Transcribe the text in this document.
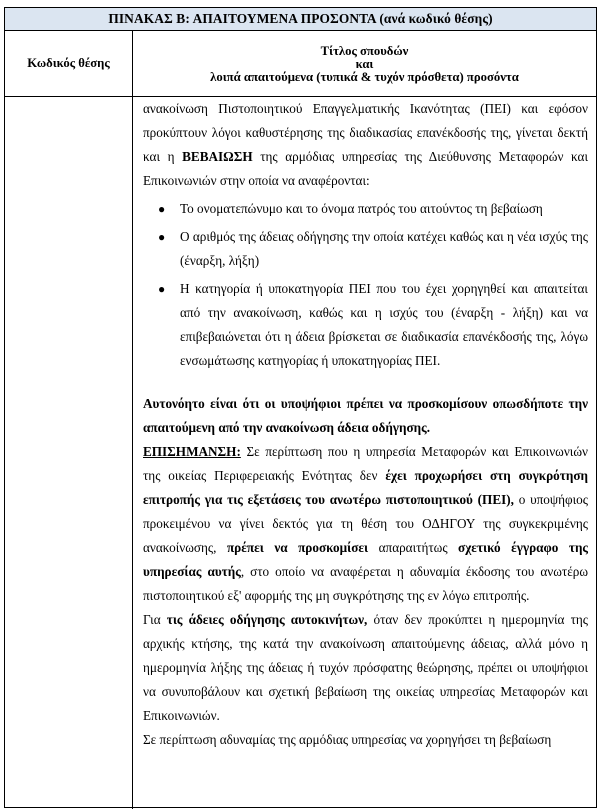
ΠΙΝΑΚΑΣ Β: ΑΠΑΙΤΟΥΜΕΝΑ ΠΡΟΣΟΝΤΑ (ανά κωδικό θέσης)
Κωδικός θέσης
Τίτλος σπουδών
και
λοιπά απαιτούμενα (τυπικά & τυχόν πρόσθετα) προσόντα

ανακοίνωση Πιστοποιητικού Επαγγελματικής Ικανότητας (ΠΕΙ) και εφόσον προκύπτουν λόγοι καθυστέρησης της διαδικασίας επανέκδοσής της, γίνεται δεκτή και η ΒΕΒΑΙΩΣΗ της αρμόδιας υπηρεσίας της Διεύθυνσης Μεταφορών και Επικοινωνιών στην οποία να αναφέρονται:

● Το ονοματεπώνυμο και το όνομα πατρός του αιτούντος τη βεβαίωση
● Ο αριθμός της άδειας οδήγησης την οποία κατέχει καθώς και η νέα ισχύς της (έναρξη, λήξη)
● Η κατηγορία ή υποκατηγορία ΠΕΙ που του έχει χορηγηθεί και απαιτείται από την ανακοίνωση, καθώς και η ισχύς του (έναρξη - λήξη) και να επιβεβαιώνεται ότι η άδεια βρίσκεται σε διαδικασία επανέκδοσής της, λόγω ενσωμάτωσης κατηγορίας ή υποκατηγορίας ΠΕΙ.

Αυτονόητο είναι ότι οι υποψήφιοι πρέπει να προσκομίσουν οπωσδήποτε την απαιτούμενη από την ανακοίνωση άδεια οδήγησης.

ΕΠΙΣΗΜΑΝΣΗ: Σε περίπτωση που η υπηρεσία Μεταφορών και Επικοινωνιών της οικείας Περιφερειακής Ενότητας δεν έχει προχωρήσει στη συγκρότηση επιτροπής για τις εξετάσεις του ανωτέρω πιστοποιητικού (ΠΕΙ), ο υποψήφιος προκειμένου να γίνει δεκτός για τη θέση του ΟΔΗΓΟΥ της συγκεκριμένης ανακοίνωσης, πρέπει να προσκομίσει απαραιτήτως σχετικό έγγραφο της υπηρεσίας αυτής, στο οποίο να αναφέρεται η αδυναμία έκδοσης του ανωτέρω πιστοποιητικού εξ' αφορμής της μη συγκρότησης της εν λόγω επιτροπής.

Για τις άδειες οδήγησης αυτοκινήτων, όταν δεν προκύπτει η ημερομηνία της αρχικής κτήσης, της κατά την ανακοίνωση απαιτούμενης άδειας, αλλά μόνο η ημερομηνία λήξης της άδειας ή τυχόν πρόσφατης θεώρησης, πρέπει οι υποψήφιοι να συνυποβάλουν και σχετική βεβαίωση της οικείας υπηρεσίας Μεταφορών και Επικοινωνιών.

Σε περίπτωση αδυναμίας της αρμόδιας υπηρεσίας να χορηγήσει τη βεβαίωση
